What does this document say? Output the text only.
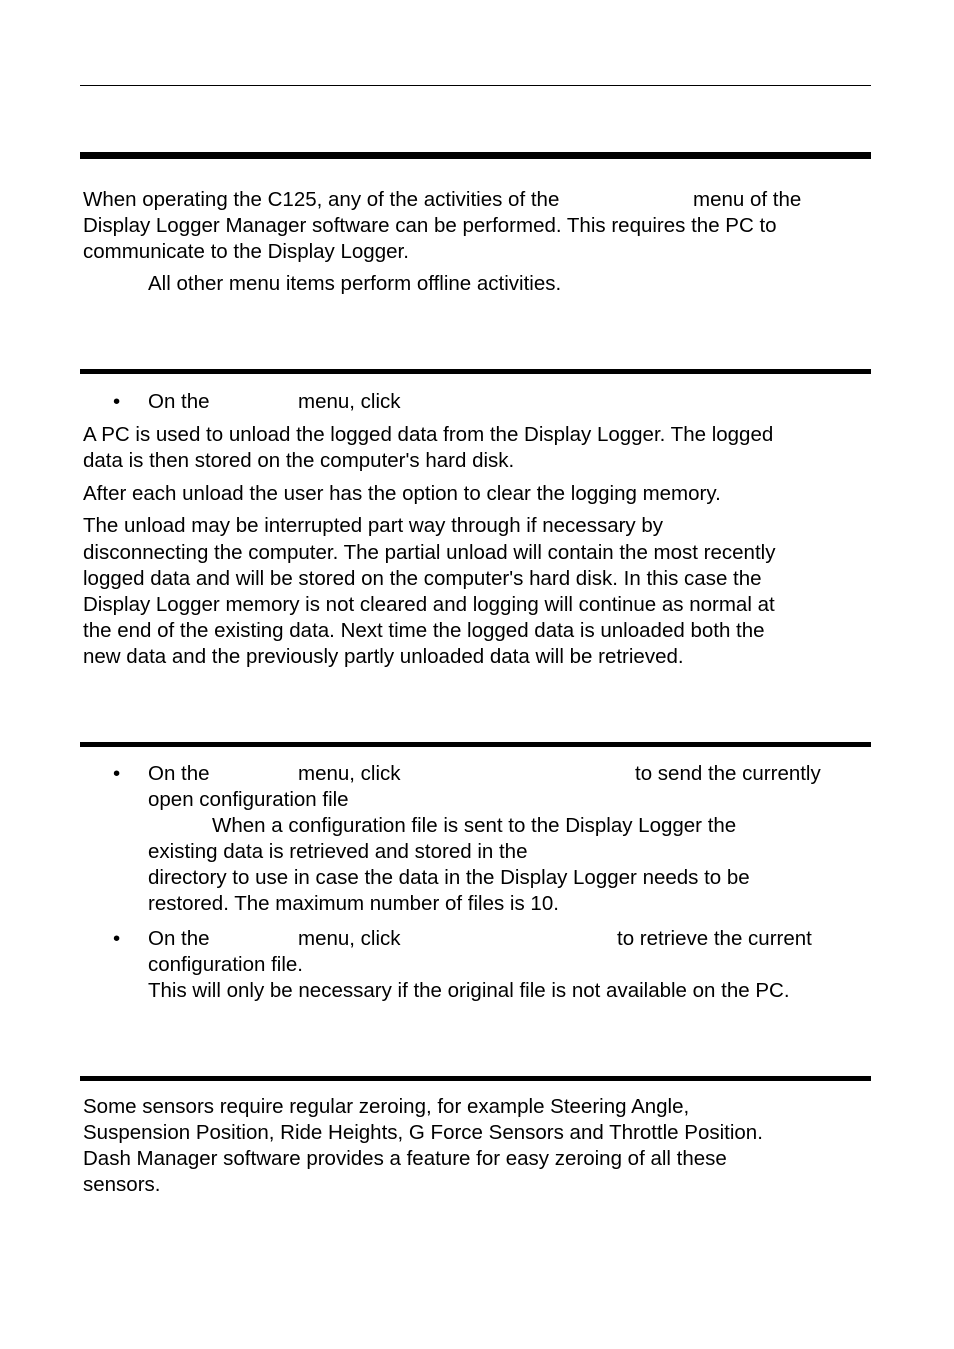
When operating the C125, any of the activities of the	menu of the
Display Logger Manager software can be performed. This requires the PC to
communicate to the Display Logger.
All other menu items perform offline activities.
• On the	menu, click
A PC is used to unload the logged data from the Display Logger. The logged
data is then stored on the computer's hard disk.
After each unload the user has the option to clear the logging memory.
The unload may be interrupted part way through if necessary by
disconnecting the computer. The partial unload will contain the most recently
logged data and will be stored on the computer's hard disk. In this case the
Display Logger memory is not cleared and logging will continue as normal at
the end of the existing data. Next time the logged data is unloaded both the
new data and the previously partly unloaded data will be retrieved.
• On the	menu, click	to send the currently
open configuration file
When a configuration file is sent to the Display Logger the
existing data is retrieved and stored in the
directory to use in case the data in the Display Logger needs to be
restored. The maximum number of files is 10.
• On the	menu, click	to retrieve the current
configuration file.
This will only be necessary if the original file is not available on the PC.
Some sensors require regular zeroing, for example Steering Angle,
Suspension Position, Ride Heights, G Force Sensors and Throttle Position.
Dash Manager software provides a feature for easy zeroing of all these
sensors.
